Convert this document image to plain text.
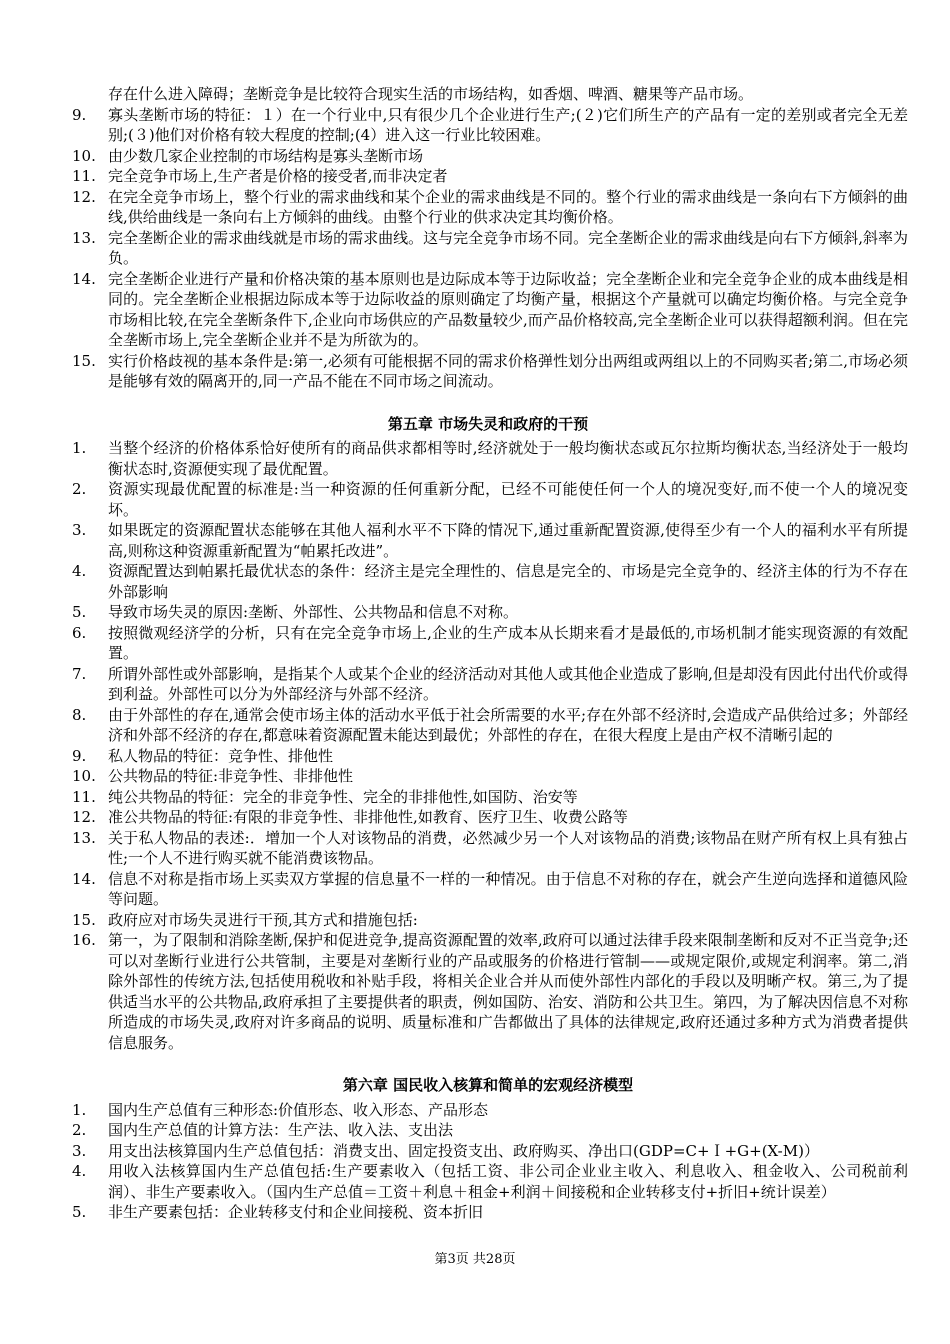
存在什么进入障碍；垄断竞争是比较符合现实生活的市场结构，如香烟、啤酒、糖果等产品市场。
9.	寡头垄断市场的特征：１）在一个行业中,只有很少几个企业进行生产;(２)它们所生产的产品有一定的差别或者完全无差别;(３)他们对价格有较大程度的控制;(4）进入这一行业比较困难。
10. 由少数几家企业控制的市场结构是寡头垄断市场
11. 完全竞争市场上,生产者是价格的接受者,而非决定者
12. 在完全竞争市场上，整个行业的需求曲线和某个企业的需求曲线是不同的。整个行业的需求曲线是一条向右下方倾斜的曲线,供给曲线是一条向右上方倾斜的曲线。由整个行业的供求决定其均衡价格。
13. 完全垄断企业的需求曲线就是市场的需求曲线。这与完全竞争市场不同。完全垄断企业的需求曲线是向右下方倾斜,斜率为负。
14. 完全垄断企业进行产量和价格决策的基本原则也是边际成本等于边际收益；完全垄断企业和完全竞争企业的成本曲线是相同的。完全垄断企业根据边际成本等于边际收益的原则确定了均衡产量，根据这个产量就可以确定均衡价格。与完全竞争市场相比较,在完全垄断条件下,企业向市场供应的产品数量较少,而产品价格较高,完全垄断企业可以获得超额利润。但在完全垄断市场上,完全垄断企业并不是为所欲为的。
15. 实行价格歧视的基本条件是:第一,必须有可能根据不同的需求价格弹性划分出两组或两组以上的不同购买者;第二,市场必须是能够有效的隔离开的,同一产品不能在不同市场之间流动。
第五章 市场失灵和政府的干预
1.	当整个经济的价格体系恰好使所有的商品供求都相等时,经济就处于一般均衡状态或瓦尔拉斯均衡状态,当经济处于一般均衡状态时,资源便实现了最优配置。
2.	资源实现最优配置的标准是:当一种资源的任何重新分配，已经不可能使任何一个人的境况变好,而不使一个人的境况变坏。
3.	如果既定的资源配置状态能够在其他人福利水平不下降的情况下,通过重新配置资源,使得至少有一个人的福利水平有所提高,则称这种资源重新配置为“帕累托改进”。
4.	资源配置达到帕累托最优状态的条件：经济主是完全理性的、信息是完全的、市场是完全竞争的、经济主体的行为不存在外部影响
5.	导致市场失灵的原因:垄断、外部性、公共物品和信息不对称。
6.	按照微观经济学的分析，只有在完全竞争市场上,企业的生产成本从长期来看才是最低的,市场机制才能实现资源的有效配置。
7.	所谓外部性或外部影响，是指某个人或某个企业的经济活动对其他人或其他企业造成了影响,但是却没有因此付出代价或得到利益。外部性可以分为外部经济与外部不经济。
8.	由于外部性的存在,通常会使市场主体的活动水平低于社会所需要的水平;存在外部不经济时,会造成产品供给过多；外部经济和外部不经济的存在,都意味着资源配置未能达到最优；外部性的存在，在很大程度上是由产权不清晰引起的
9.	私人物品的特征：竞争性、排他性
10. 公共物品的特征:非竞争性、非排他性
11. 纯公共物品的特征：完全的非竞争性、完全的非排他性,如国防、治安等
12. 准公共物品的特征:有限的非竞争性、非排他性,如教育、医疗卫生、收费公路等
13. 关于私人物品的表述:．增加一个人对该物品的消费，必然减少另一个人对该物品的消费;该物品在财产所有权上具有独占性;一个人不进行购买就不能消费该物品。
14. 信息不对称是指市场上买卖双方掌握的信息量不一样的一种情况。由于信息不对称的存在，就会产生逆向选择和道德风险等问题。
15. 政府应对市场失灵进行干预,其方式和措施包括:
16. 第一，为了限制和消除垄断,保护和促进竞争,提高资源配置的效率,政府可以通过法律手段来限制垄断和反对不正当竞争;还可以对垄断行业进行公共管制，主要是对垄断行业的产品或服务的价格进行管制——或规定限价,或规定利润率。第二,消除外部性的传统方法,包括使用税收和补贴手段，将相关企业合并从而使外部性内部化的手段以及明晰产权。第三,为了提供适当水平的公共物品,政府承担了主要提供者的职责，例如国防、治安、消防和公共卫生。第四，为了解决因信息不对称所造成的市场失灵,政府对许多商品的说明、质量标准和广告都做出了具体的法律规定,政府还通过多种方式为消费者提供信息服务。
第六章 国民收入核算和简单的宏观经济模型
1.	国内生产总值有三种形态:价值形态、收入形态、产品形态
2.	国内生产总值的计算方法：生产法、收入法、支出法
3.	用支出法核算国内生产总值包括：消费支出、固定投资支出、政府购买、净出口(GDP=C+Ｉ+G+(X-M)）
4.	用收入法核算国内生产总值包括:生产要素收入（包括工资、非公司企业业主收入、利息收入、租金收入、公司税前利润）、非生产要素收入。（国内生产总值＝工资＋利息＋租金+利润＋间接税和企业转移支付+折旧+统计误差）
5.	非生产要素包括：企业转移支付和企业间接税、资本折旧
第3页 共28页
